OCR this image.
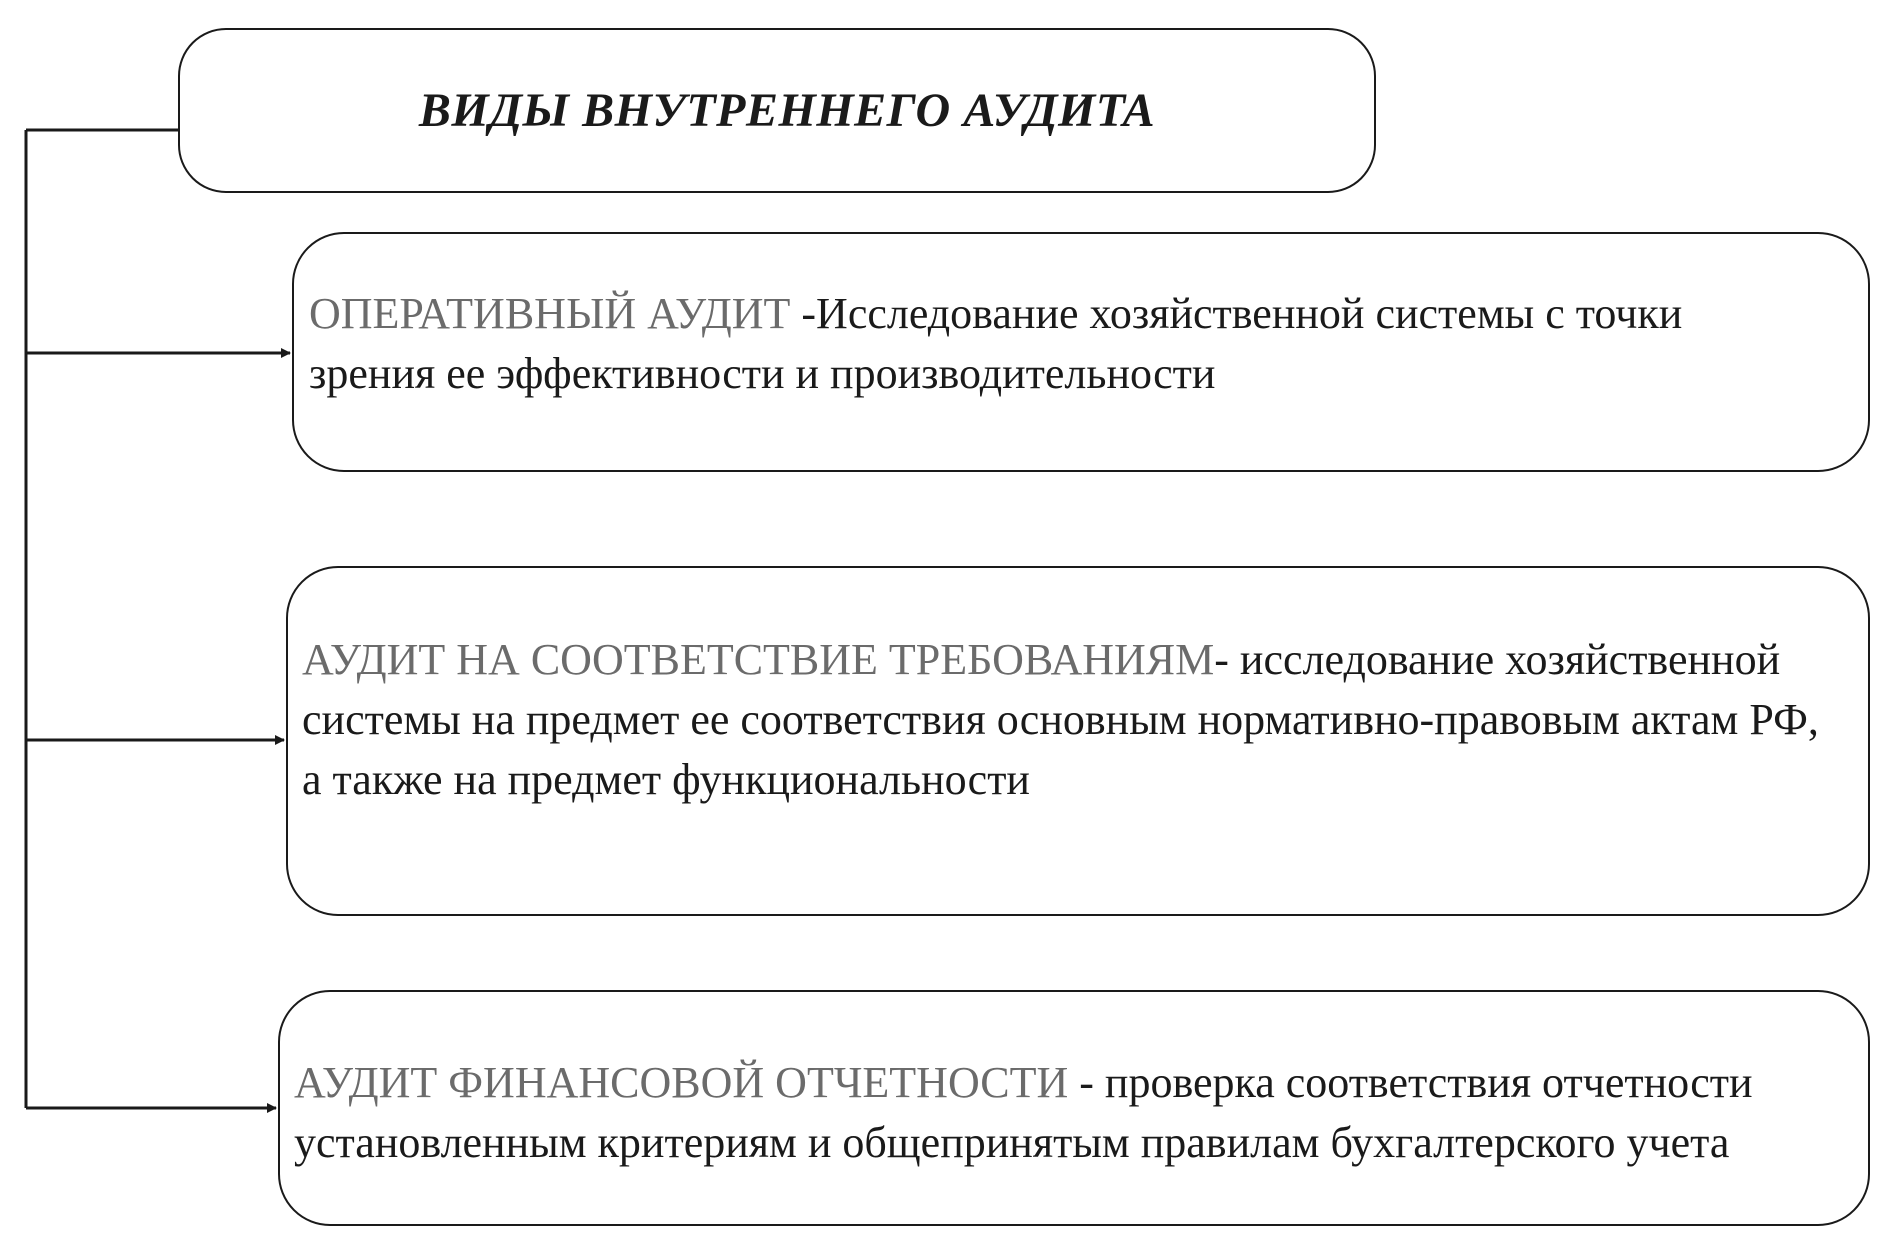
ВИДЫ ВНУТРЕННЕГО АУДИТА
ОПЕРАТИВНЫЙ АУДИТ -Исследование хозяйственной системы с точки зрения ее эффективности и производительности
АУДИТ НА СООТВЕТСТВИЕ ТРЕБОВАНИЯМ- исследование хозяйственной системы на предмет ее соответствия основным нормативно-правовым актам РФ, а также на предмет функциональности
АУДИТ ФИНАНСОВОЙ ОТЧЕТНОСТИ - проверка соответствия отчетности установленным критериям и общепринятым правилам бухгалтерского учета
